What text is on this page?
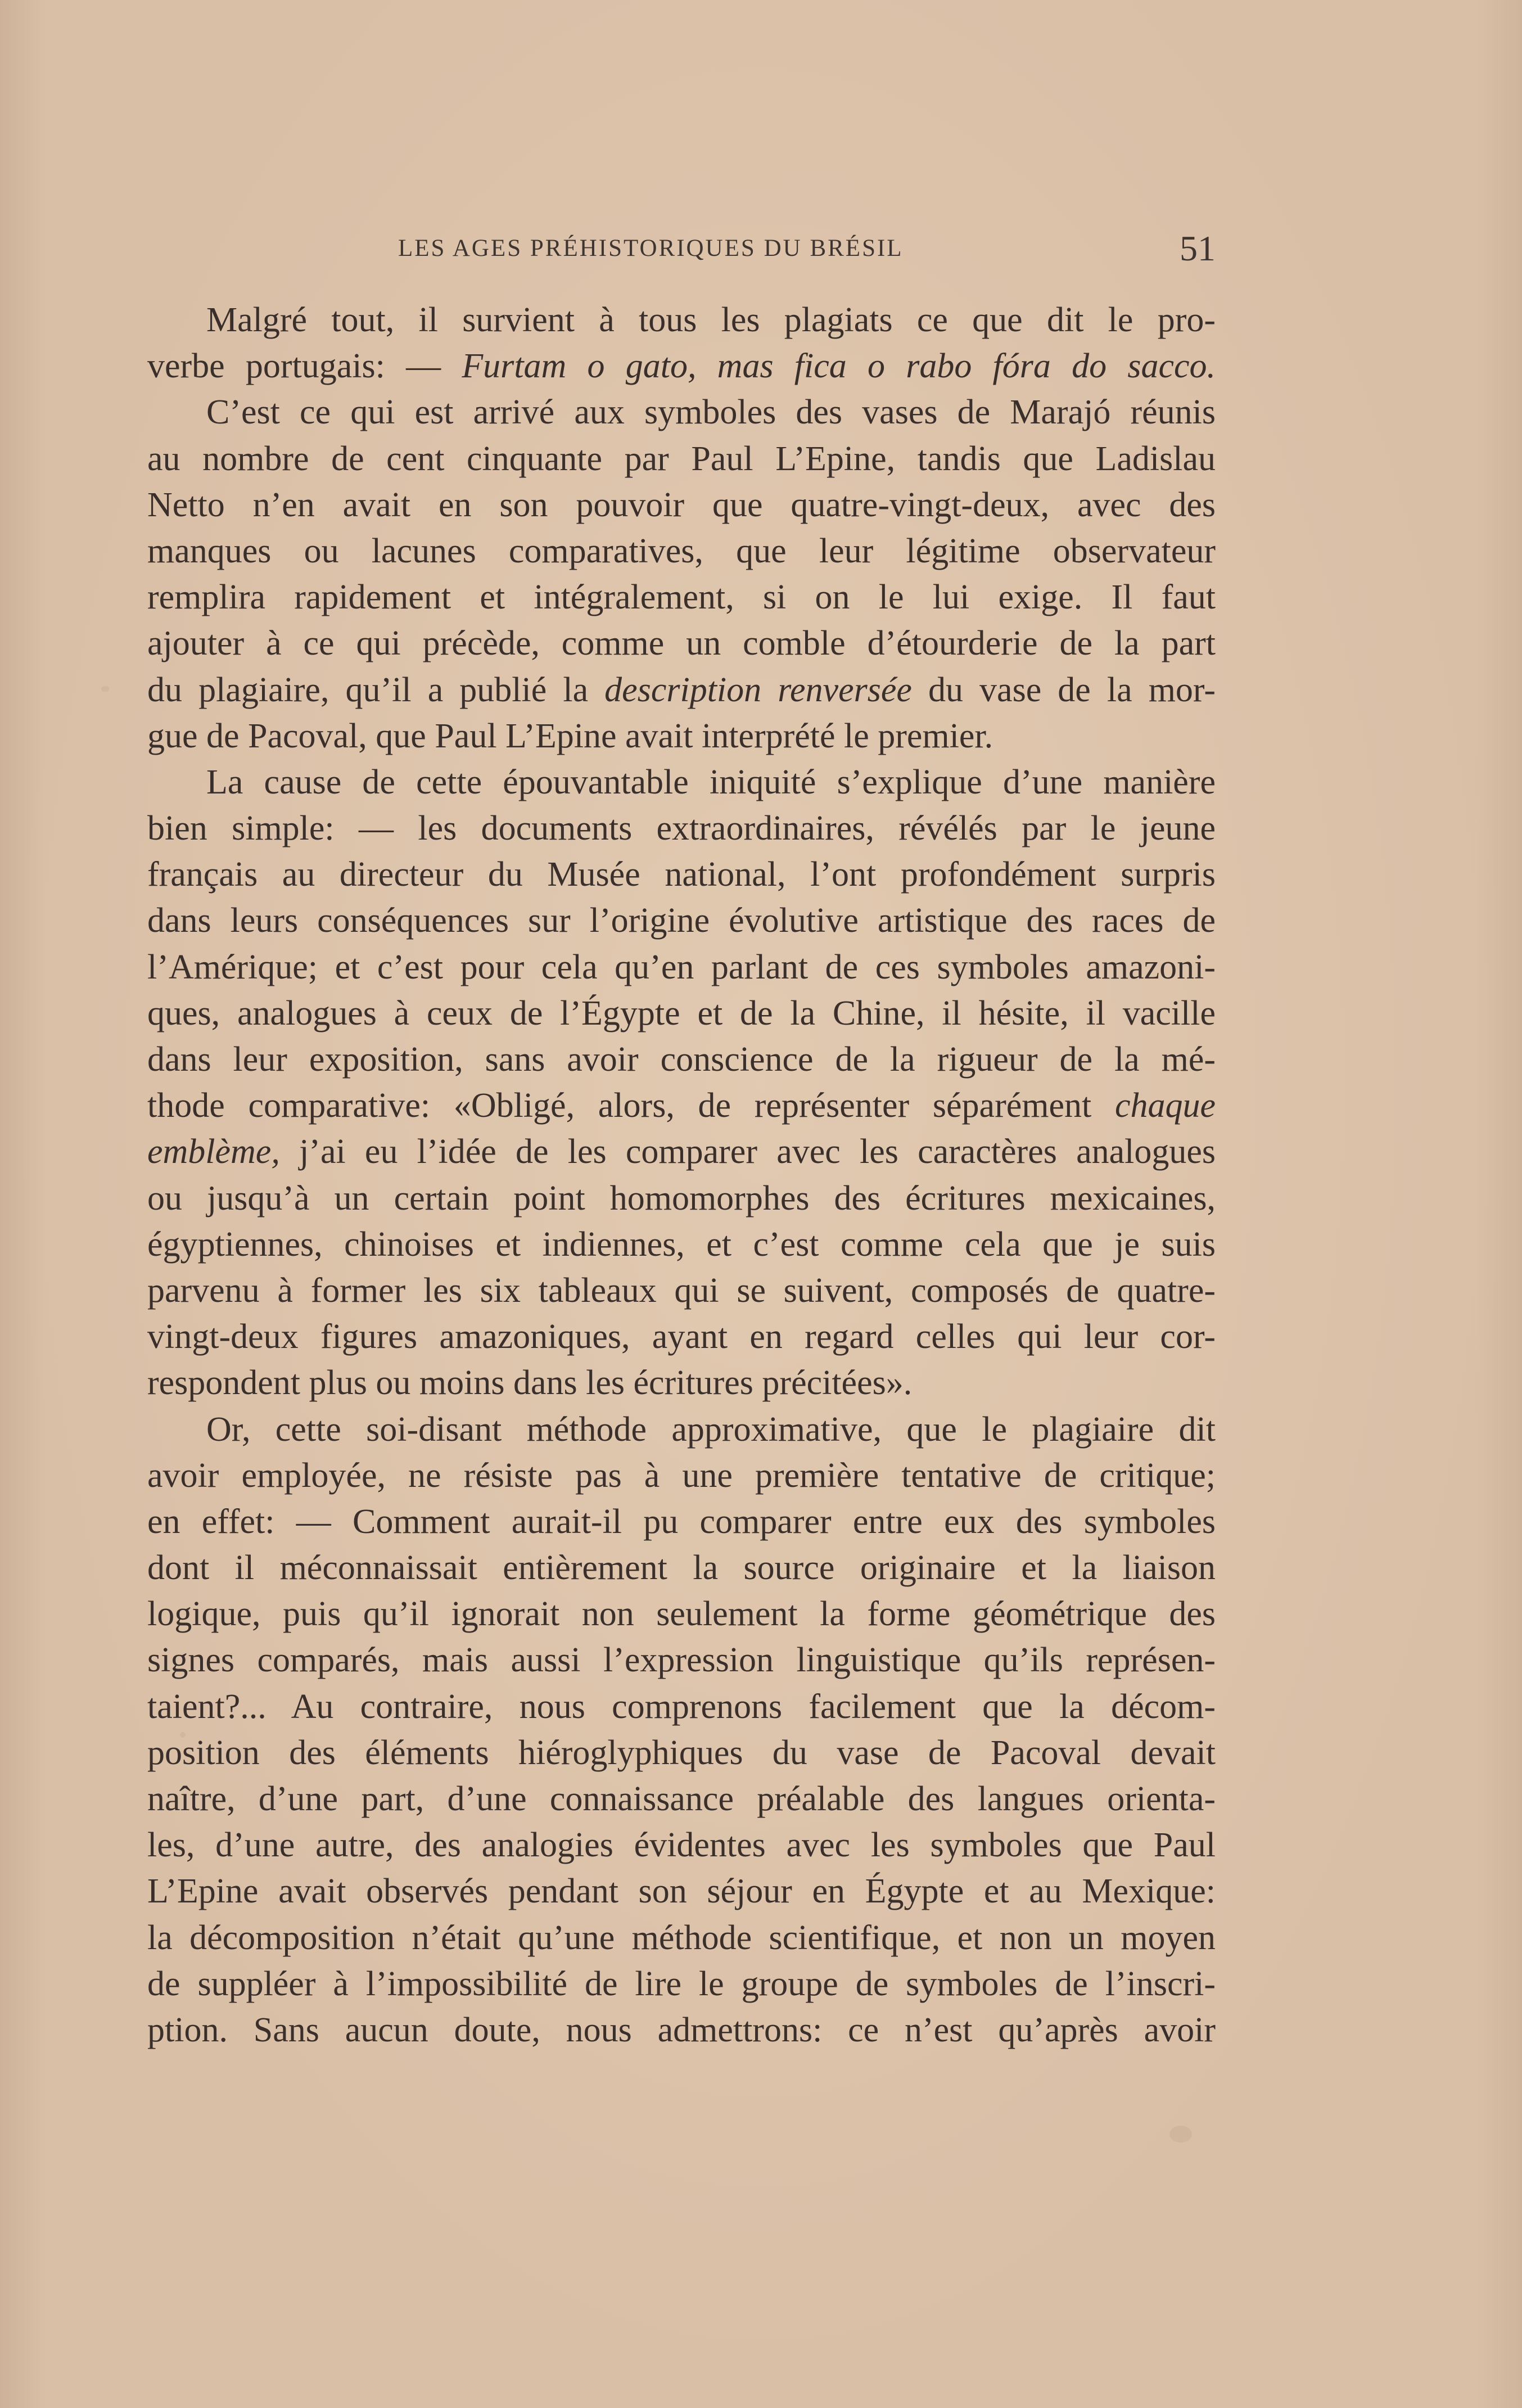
LES AGES PRÉHISTORIQUES DU BRÉSIL	51
Malgré tout, il survient à tous les plagiats ce que dit le pro-
verbe portugais: — Furtam o gato, mas fica o rabo fóra do sacco.
C’est ce qui est arrivé aux symboles des vases de Marajó réunis
au nombre de cent cinquante par Paul L’Epine, tandis que Ladislau
Netto n’en avait en son pouvoir que quatre-vingt-deux, avec des
manques ou lacunes comparatives, que leur légitime observateur
remplira rapidement et intégralement, si on le lui exige. Il faut
ajouter à ce qui précède, comme un comble d’étourderie de la part
du plagiaire, qu’il a publié la description renversée du vase de la mor-
gue de Pacoval, que Paul L’Epine avait interprété le premier.
La cause de cette épouvantable iniquité s’explique d’une manière
bien simple: — les documents extraordinaires, révélés par le jeune
français au directeur du Musée national, l’ont profondément surpris
dans leurs conséquences sur l’origine évolutive artistique des races de
l’Amérique; et c’est pour cela qu’en parlant de ces symboles amazoni-
ques, analogues à ceux de l’Égypte et de la Chine, il hésite, il vacille
dans leur exposition, sans avoir conscience de la rigueur de la mé-
thode comparative: «Obligé, alors, de représenter séparément chaque
emblème, j’ai eu l’idée de les comparer avec les caractères analogues
ou jusqu’à un certain point homomorphes des écritures mexicaines,
égyptiennes, chinoises et indiennes, et c’est comme cela que je suis
parvenu à former les six tableaux qui se suivent, composés de quatre-
vingt-deux figures amazoniques, ayant en regard celles qui leur cor-
respondent plus ou moins dans les écritures précitées».
Or, cette soi-disant méthode approximative, que le plagiaire dit
avoir employée, ne résiste pas à une première tentative de critique;
en effet: — Comment aurait-il pu comparer entre eux des symboles
dont il méconnaissait entièrement la source originaire et la liaison
logique, puis qu’il ignorait non seulement la forme géométrique des
signes comparés, mais aussi l’expression linguistique qu’ils représen-
taient?... Au contraire, nous comprenons facilement que la décom-
position des éléments hiéroglyphiques du vase de Pacoval devait
naître, d’une part, d’une connaissance préalable des langues orienta-
les, d’une autre, des analogies évidentes avec les symboles que Paul
L’Epine avait observés pendant son séjour en Égypte et au Mexique:
la décomposition n’était qu’une méthode scientifique, et non un moyen
de suppléer à l’impossibilité de lire le groupe de symboles de l’inscri-
ption. Sans aucun doute, nous admettrons: ce n’est qu’après avoir
